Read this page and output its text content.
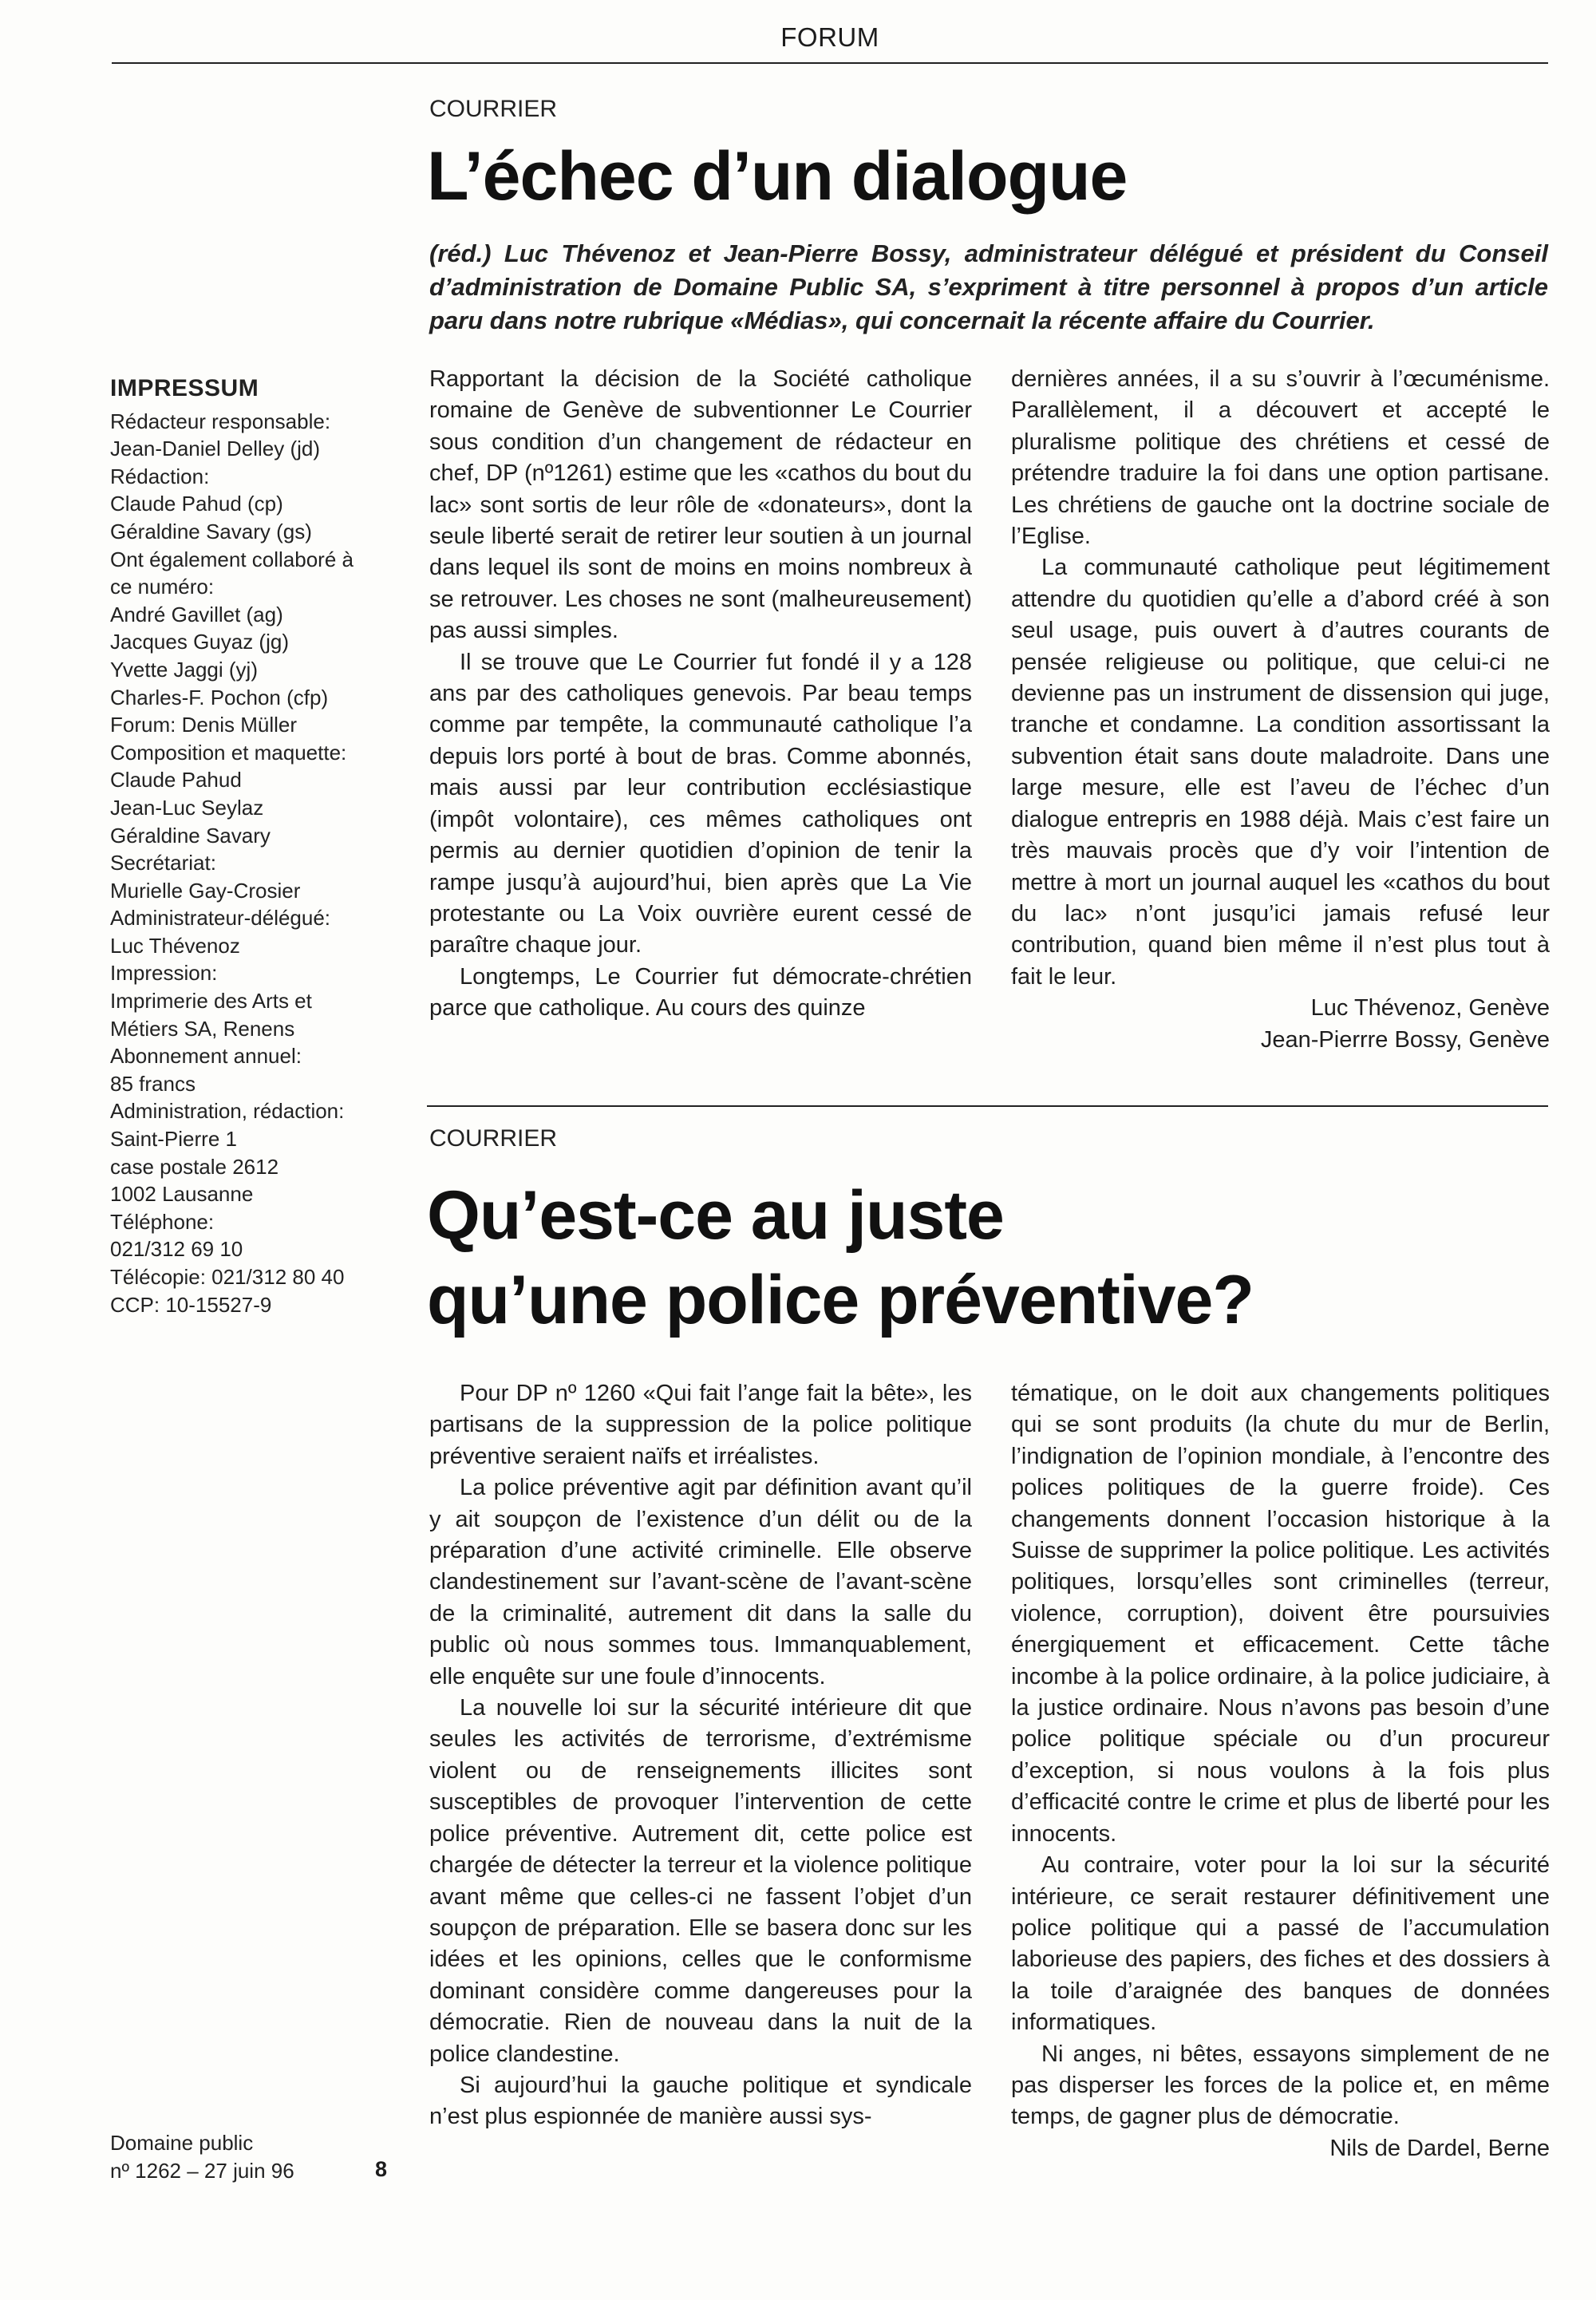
FORUM
IMPRESSUM
Rédacteur responsable:
Jean-Daniel Delley (jd)
Rédaction:
Claude Pahud (cp)
Géraldine Savary (gs)
Ont également collaboré à
ce numéro:
André Gavillet (ag)
Jacques Guyaz (jg)
Yvette Jaggi (yj)
Charles-F. Pochon (cfp)
Forum: Denis Müller
Composition et maquette:
Claude Pahud
Jean-Luc Seylaz
Géraldine Savary
Secrétariat:
Murielle Gay-Crosier
Administrateur-délégué:
Luc Thévenoz
Impression:
Imprimerie des Arts et
Métiers SA, Renens
Abonnement annuel:
85 francs
Administration, rédaction:
Saint-Pierre 1
case postale 2612
1002 Lausanne
Téléphone:
021/312 69 10
Télécopie: 021/312 80 40
CCP: 10-15527-9
Domaine public
nº 1262 – 27 juin 96	8
COURRIER
L’échec d’un dialogue
(réd.) Luc Thévenoz et Jean-Pierre Bossy, administrateur délégué et président du Conseil d’administration de Domaine Public SA, s’expriment à titre personnel à propos d’un article paru dans notre rubrique «Médias», qui concernait la récente affaire du Courrier.

Rapportant la décision de la Société catholique romaine de Genève de subventionner Le Courrier sous condition d’un changement de rédacteur en chef, DP (nº1261) estime que les «cathos du bout du lac» sont sortis de leur rôle de «donateurs», dont la seule liberté serait de retirer leur soutien à un journal dans lequel ils sont de moins en moins nombreux à se retrouver. Les choses ne sont (malheureusement) pas aussi simples.

Il se trouve que Le Courrier fut fondé il y a 128 ans par des catholiques genevois. Par beau temps comme par tempête, la communauté catholique l’a depuis lors porté à bout de bras. Comme abonnés, mais aussi par leur contribution ecclésiastique (impôt volontaire), ces mêmes catholiques ont permis au dernier quotidien d’opinion de tenir la rampe jusqu’à aujourd’hui, bien après que La Vie protestante ou La Voix ouvrière eurent cessé de paraître chaque jour.

Longtemps, Le Courrier fut démocrate-chrétien parce que catholique. Au cours des quinze

dernières années, il a su s’ouvrir à l’œcuménisme. Parallèlement, il a découvert et accepté le pluralisme politique des chrétiens et cessé de prétendre traduire la foi dans une option partisane. Les chrétiens de gauche ont la doctrine sociale de l’Eglise.

La communauté catholique peut légitimement attendre du quotidien qu’elle a d’abord créé à son seul usage, puis ouvert à d’autres courants de pensée religieuse ou politique, que celui-ci ne devienne pas un instrument de dissension qui juge, tranche et condamne. La condition assortissant la subvention était sans doute maladroite. Dans une large mesure, elle est l’aveu de l’échec d’un dialogue entrepris en 1988 déjà. Mais c’est faire un très mauvais procès que d’y voir l’intention de mettre à mort un journal auquel les «cathos du bout du lac» n’ont jusqu’ici jamais refusé leur contribution, quand bien même il n’est plus tout à fait le leur.

Luc Thévenoz, Genève

Jean-Pierrre Bossy, Genève

COURRIER
Qu’est-ce au juste
qu’une police préventive?

Pour DP nº 1260 «Qui fait l’ange fait la bête», les partisans de la suppression de la police politique préventive seraient naïfs et irréalistes.

La police préventive agit par définition avant qu’il y ait soupçon de l’existence d’un délit ou de la préparation d’une activité criminelle. Elle observe clandestinement sur l’avant-scène de l’avant-scène de la criminalité, autrement dit dans la salle du public où nous sommes tous. Immanquablement, elle enquête sur une foule d’innocents.

La nouvelle loi sur la sécurité intérieure dit que seules les activités de terrorisme, d’extrémisme violent ou de renseignements illicites sont susceptibles de provoquer l’intervention de cette police préventive. Autrement dit, cette police est chargée de détecter la terreur et la violence politique avant même que celles-ci ne fassent l’objet d’un soupçon de préparation. Elle se basera donc sur les idées et les opinions, celles que le conformisme dominant considère comme dangereuses pour la démocratie. Rien de nouveau dans la nuit de la police clandestine.

Si aujourd’hui la gauche politique et syndicale n’est plus espionnée de manière aussi sys-

tématique, on le doit aux changements politiques qui se sont produits (la chute du mur de Berlin, l’indignation de l’opinion mondiale, à l’encontre des polices politiques de la guerre froide). Ces changements donnent l’occasion historique à la Suisse de supprimer la police politique. Les activités politiques, lorsqu’elles sont criminelles (terreur, violence, corruption), doivent être poursuivies énergiquement et efficacement. Cette tâche incombe à la police ordinaire, à la police judiciaire, à la justice ordinaire. Nous n’avons pas besoin d’une police politique spéciale ou d’un procureur d’exception, si nous voulons à la fois plus d’efficacité contre le crime et plus de liberté pour les innocents.

Au contraire, voter pour la loi sur la sécurité intérieure, ce serait restaurer définitivement une police politique qui a passé de l’accumulation laborieuse des papiers, des fiches et des dossiers à la toile d’araignée des banques de données informatiques.

Ni anges, ni bêtes, essayons simplement de ne pas disperser les forces de la police et, en même temps, de gagner plus de démocratie.

Nils de Dardel, Berne
